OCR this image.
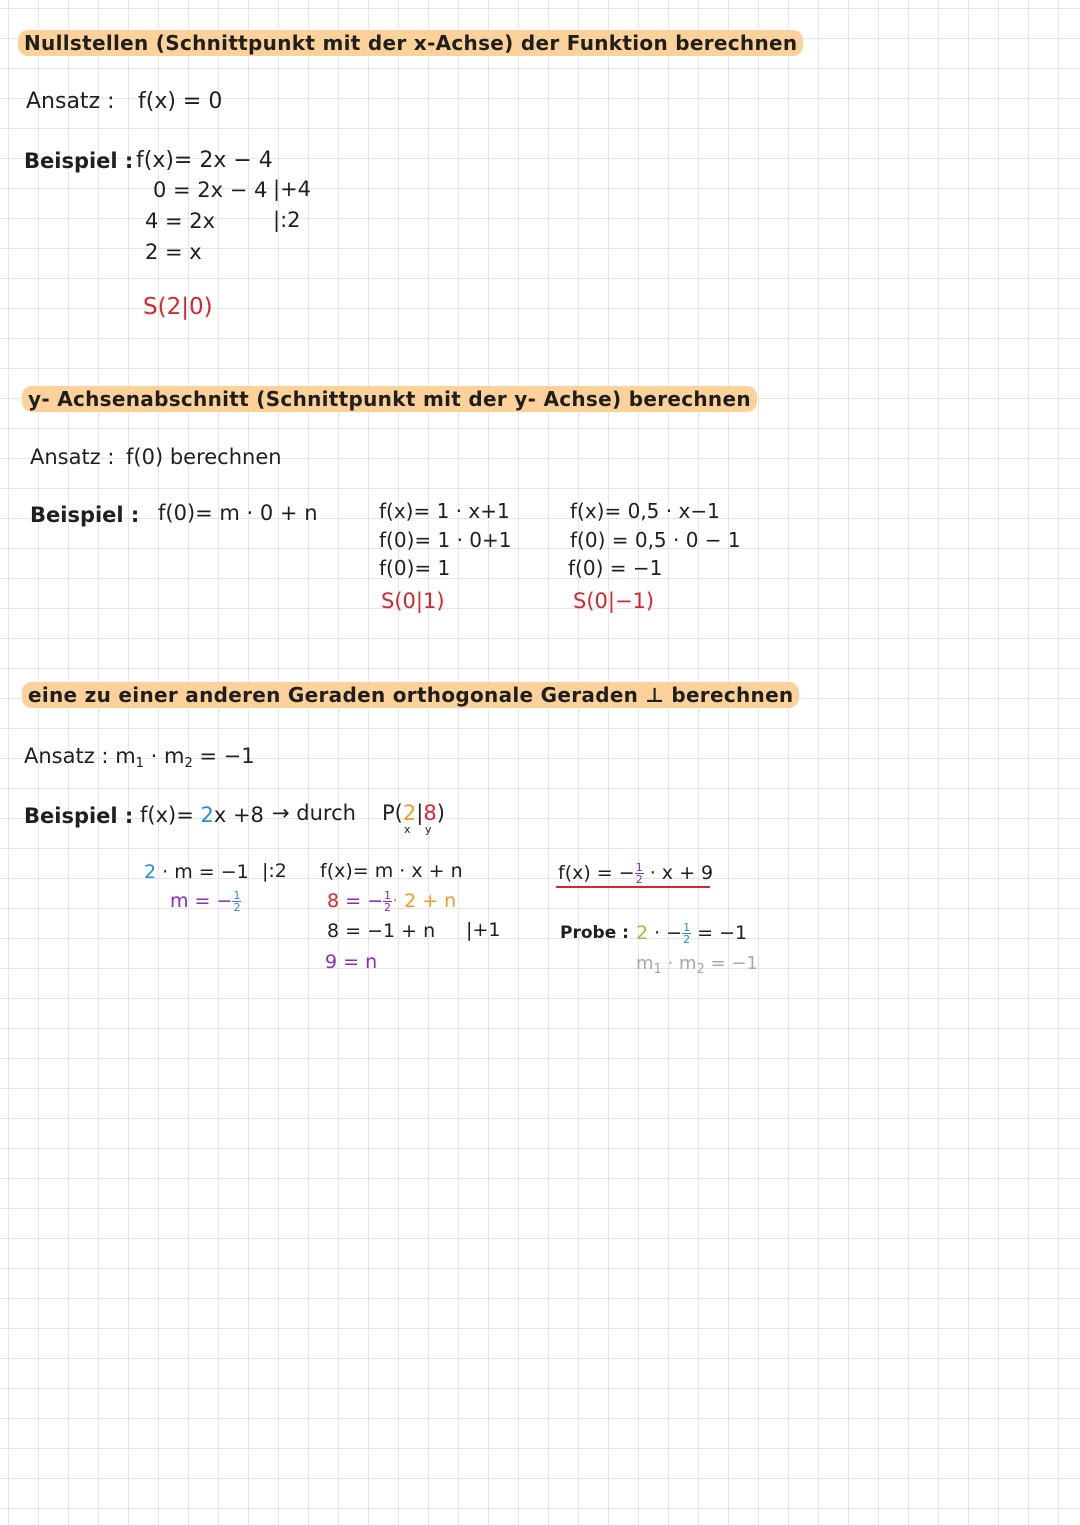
Nullstellen (Schnittpunkt mit der x-Achse) der Funktion berechnen
Ansatz : f(x) = 0
Beispiel : f(x)= 2x − 4
0 = 2x − 4 |+4
4 = 2x	|:2
2 = x
S(2|0)
y- Achsenabschnitt (Schnittpunkt mit der y- Achse) berechnen
Ansatz : f(0) berechnen
Beispiel : f(0)= m · 0 + n	f(x)= 1 · x+1
f(0)= 1 · 0+1
f(0)= 1
S(0|1)
f(x)= 0,5 · x−1
f(0) = 0,5 · 0 − 1
f(0) = −1
S(0|−1)
eine zu einer anderen Geraden orthogonale Geraden ⊥ berechnen
Ansatz : $m_1 \cdot m_2 = -1$
Beispiel : f(x)= 2x +8 → durch P(2|8)
x y
2 · m = −1 |:2
m = − $\frac{1}{2}$
f(x)= m · x + n
8 = − $\frac{1}{2} \cdot 2 + n$
8 = −1 + n |+1
9 = n
f(x) = − $\frac{1}{2} \cdot x + 9$
Probe : 2 · − $\frac{1}{2} = -1$
$m_1 \cdot m_2 = -1$
